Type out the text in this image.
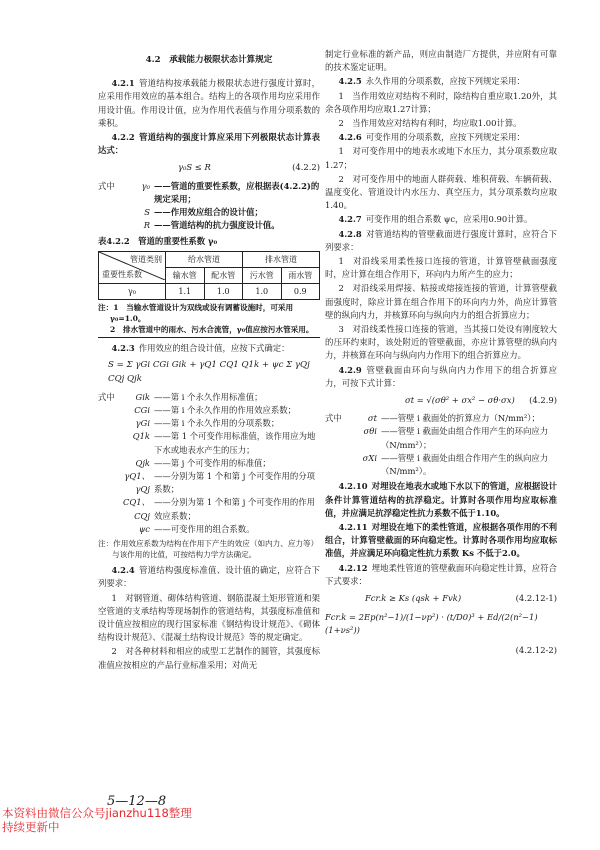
4.2　承载能力极限状态计算规定

4.2.1 管道结构按承载能力极限状态进行强度计算时，应采用作用效应的基本组合。结构上的各项作用均应采用作用设计值。作用设计值，应为作用代表值与作用分项系数的乘积。

4.2.2 管道结构的强度计算应采用下列极限状态计算表达式：

γ₀S ≤ R	(4.2.2)
式中	γ₀ ——管道的重要性系数，应根据表(4.2.2)的规定采用；
S ——作用效应组合的设计值；
R ——管道结构的抗力强度设计值。
表4.2.2　管道的重要性系数 γ₀
管道类别
重要性系数	给水管道		排水管道	
	输水管	配水管	污水管	雨水管
γ₀	1.1	1.0	1.0	0.9
注：1　当输水管道设计为双线或设有调蓄设施时，可采用 γ₀=1.0。
2　排水管道中的雨水、污水合流管，γ₀值应按污水管采用。

4.2.3 作用效应的组合设计值，应按下式确定：

S = Σ γGi CGi Gik + γQ1 CQ1 Q1k + ψc Σ γQj CQj Qjk
式中	Gik ——第 i 个永久作用标准值；
CGi ——第 i 个永久作用的作用效应系数；
γGi ——第 i 个永久作用的分项系数；
Q1k ——第 1 个可变作用标准值，该作用应为地下水或地表水产生的压力；
Qjk ——第 j 个可变作用的标准值；
γQ1、γQj
——分别为第 1 个和第 j 个可变作用的分项系数；
CQ1、CQj
——分别为第 1 个和第 j 个可变作用的作用效应系数；
ψc ——可变作用的组合系数。
注：作用效应系数为结构在作用下产生的效应（如内力、应力等）与该作用的比值，可按结构力学方法确定。

4.2.4 管道结构强度标准值、设计值的确定，应符合下列要求：

1　对钢管道、砌体结构管道、钢筋混凝土矩形管道和架空管道的支承结构等现场制作的管道结构，其强度标准值和设计值应按相应的现行国家标准《钢结构设计规范》、《砌体结构设计规范》、《混凝土结构设计规范》等的规定确定。

2　对各种材料和相应的成型工艺制作的圆管，其强度标准值应按相应的产品行业标准采用；对尚无

5—12—8

制定行业标准的新产品，则应由制造厂方提供，并应附有可靠的技术鉴定证明。

4.2.5 永久作用的分项系数，应按下列规定采用：

1　当作用效应对结构不利时，除结构自重应取1.20外，其余各项作用均应取1.27计算；

2　当作用效应对结构有利时，均应取1.00计算。

4.2.6 可变作用的分项系数，应按下列规定采用：

1　对可变作用中的地表水或地下水压力，其分项系数应取1.27；

2　对可变作用中的地面人群荷载、堆积荷载、车辆荷载、温度变化、管道设计内水压力、真空压力，其分项系数均应取1.40。

4.2.7 可变作用的组合系数 ψc，应采用0.90计算。

4.2.8 对管道结构的管壁截面进行强度计算时，应符合下列要求：

1　对沿线采用柔性接口连接的管道，计算管壁截面强度时，应计算在组合作用下，环向内力所产生的应力；

2　对沿线采用焊接、粘接或熔接连接的管道，计算管壁截面强度时，除应计算在组合作用下的环向内力外，尚应计算管壁的纵向内力，并核算环向与纵向内力的组合折算应力；

3　对沿线柔性接口连接的管道，当其接口处设有刚度较大的压环约束时，该处附近的管壁截面，亦应计算管壁的纵向内力，并核算在环向与纵向内力作用下的组合折算应力。

4.2.9 管壁截面由环向与纵向内力作用下的组合折算应力，可按下式计算：

σt = √(σθ² + σx² − σθ·σx) (4.2.9)
式中	σt ——管壁 i 截面处的折算应力（N/mm²）；
σθi ——管壁 i 截面处由组合作用产生的环向应力（N/mm²）；
σXi ——管壁 i 截面处由组合作用产生的纵向应力（N/mm²）。

4.2.10 对埋设在地表水或地下水以下的管道，应根据设计条件计算管道结构的抗浮稳定。计算时各项作用均应取标准值，并应满足抗浮稳定性抗力系数不低于1.10。

4.2.11 对埋设在地下的柔性管道，应根据各项作用的不利组合，计算管壁截面的环向稳定性。计算时各项作用均应取标准值，并应满足环向稳定性抗力系数 Ks 不低于2.0。

4.2.12 埋地柔性管道的管壁截面环向稳定性计算，应符合下式要求：

Fcr.k ≥ Ks (qsk + Fvk)	(4.2.12-1)
Fcr.k = 2Ep(n²−1)/(1−νp²) · (t/D0)³ + Ed/(2(n²−1)(1+νs²))
(4.2.12-2)
本资料由微信公众号jianzhu118整理
持续更新中
